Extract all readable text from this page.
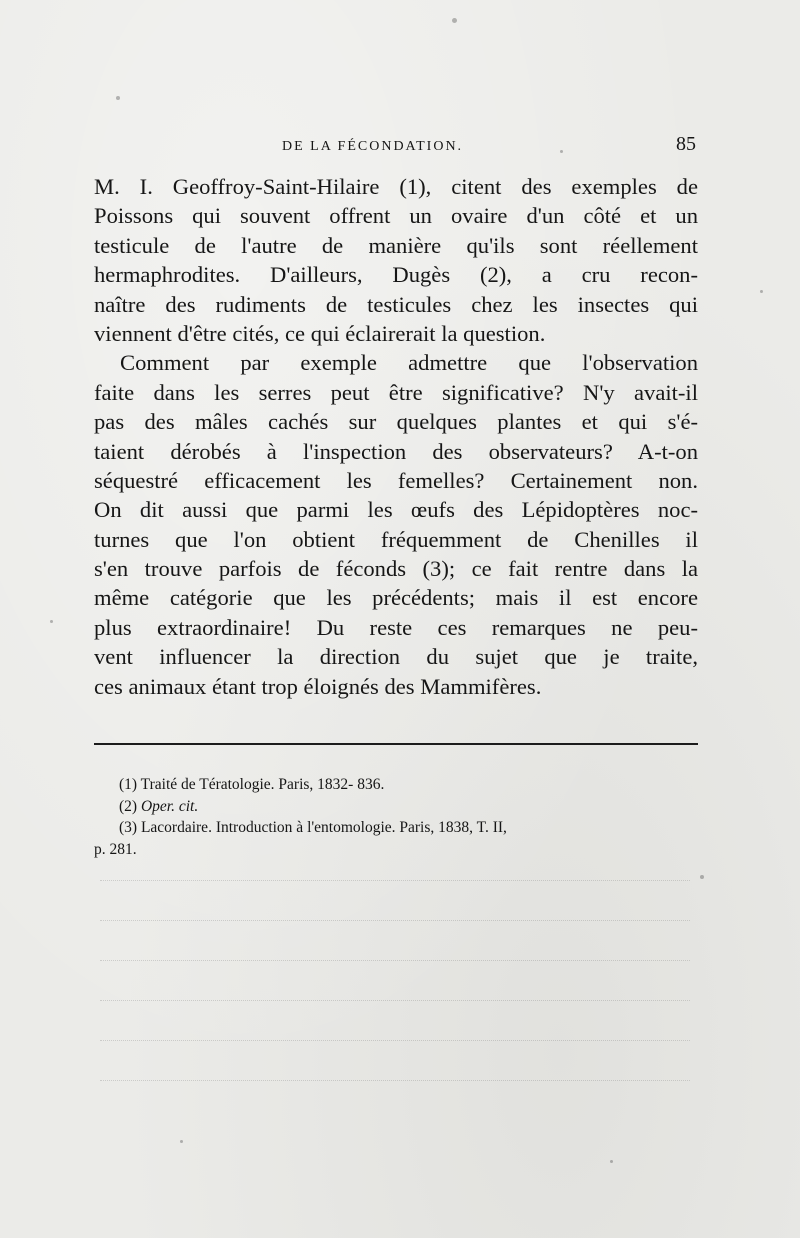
DE LA FÉCONDATION.	85
M. I. Geoffroy-Saint-Hilaire (1), citent des exemples de
Poissons qui souvent offrent un ovaire d'un côté et un
testicule de l'autre de manière qu'ils sont réellement
hermaphrodites. D'ailleurs, Dugès (2), a cru recon-
naître des rudiments de testicules chez les insectes qui
viennent d'être cités, ce qui éclairerait la question.
Comment par exemple admettre que l'observation
faite dans les serres peut être significative? N'y avait-il
pas des mâles cachés sur quelques plantes et qui s'é-
taient dérobés à l'inspection des observateurs? A-t-on
séquestré efficacement les femelles? Certainement non.
On dit aussi que parmi les œufs des Lépidoptères noc-
turnes que l'on obtient fréquemment de Chenilles il
s'en trouve parfois de féconds (3); ce fait rentre dans la
même catégorie que les précédents; mais il est encore
plus extraordinaire! Du reste ces remarques ne peu-
vent influencer la direction du sujet que je traite,
ces animaux étant trop éloignés des Mammifères.
(1) Traité de Tératologie. Paris, 1832- 836.
(2) Oper. cit.
(3) Lacordaire. Introduction à l'entomologie. Paris, 1838, T. II,
p. 281.
